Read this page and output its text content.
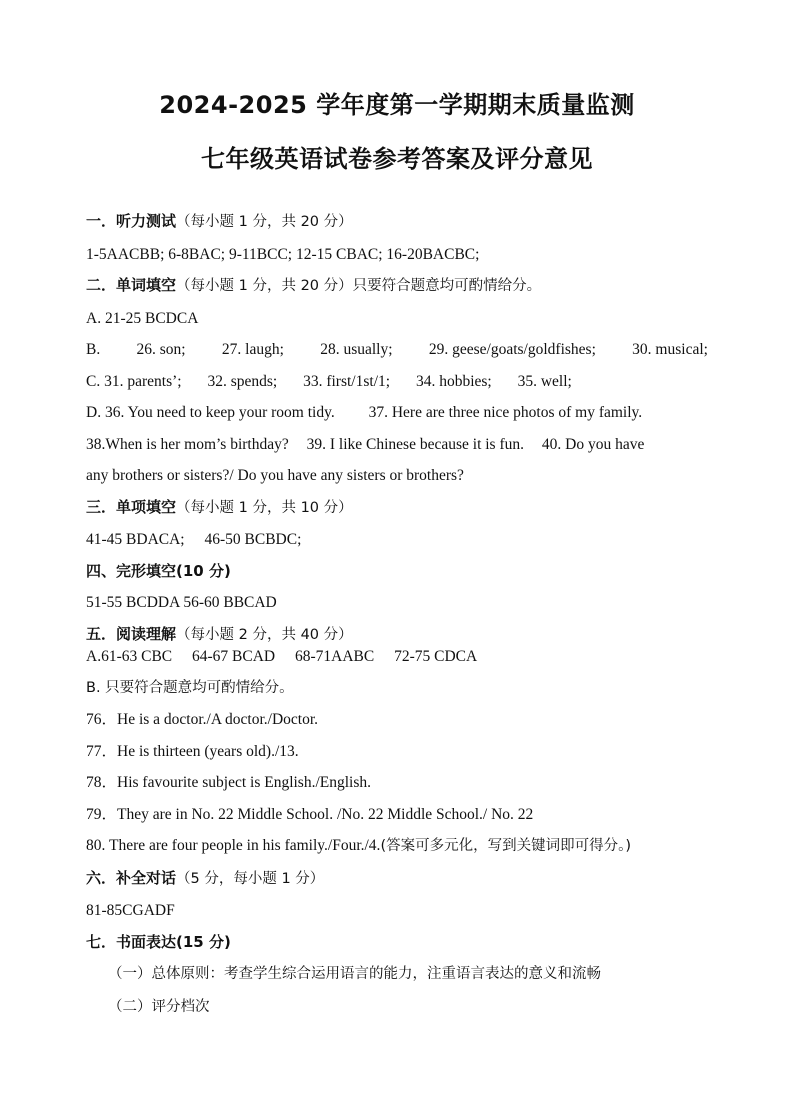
2024-2025 学年度第一学期期末质量监测
七年级英语试卷参考答案及评分意见

一．听力测试（每小题 1 分，共 20 分）

1-5AACBB; 6-8BAC; 9-11BCC; 12-15 CBAC; 16-20BACBC;

二．单词填空（每小题 1 分，共 20 分）只要符合题意均可酌情给分。

A. 21-25 BCDCA

B. 26. son; 27. laugh; 28. usually; 29. geese/goats/goldfishes; 30. musical;

C. 31. parents’; 32. spends; 33. first/1st/1; 34. hobbies; 35. well;

D. 36. You need to keep your room tidy. 37. Here are three nice photos of my family.

38.When is her mom’s birthday? 39. I like Chinese because it is fun. 40. Do you have

any brothers or sisters?/ Do you have any sisters or brothers?

三．单项填空（每小题 1 分，共 10 分）

41-45 BDACA; 46-50 BCBDC;

四、完形填空(10 分)

51-55 BCDDA 56-60 BBCAD

五．阅读理解（每小题 2 分，共 40 分）

A.61-63 CBC 64-67 BCAD 68-71AABC 72-75 CDCA

B. 只要符合题意均可酌情给分。

76．He is a doctor./A doctor./Doctor.

77．He is thirteen (years old)./13.

78．His favourite subject is English./English.

79．They are in No. 22 Middle School. /No. 22 Middle School./ No. 22

80. There are four people in his family./Four./4.(答案可多元化，写到关键词即可得分。)

六．补全对话（5 分，每小题 1 分）

81-85CGADF

七．书面表达(15 分)

（一）总体原则：考查学生综合运用语言的能力，注重语言表达的意义和流畅

（二）评分档次
